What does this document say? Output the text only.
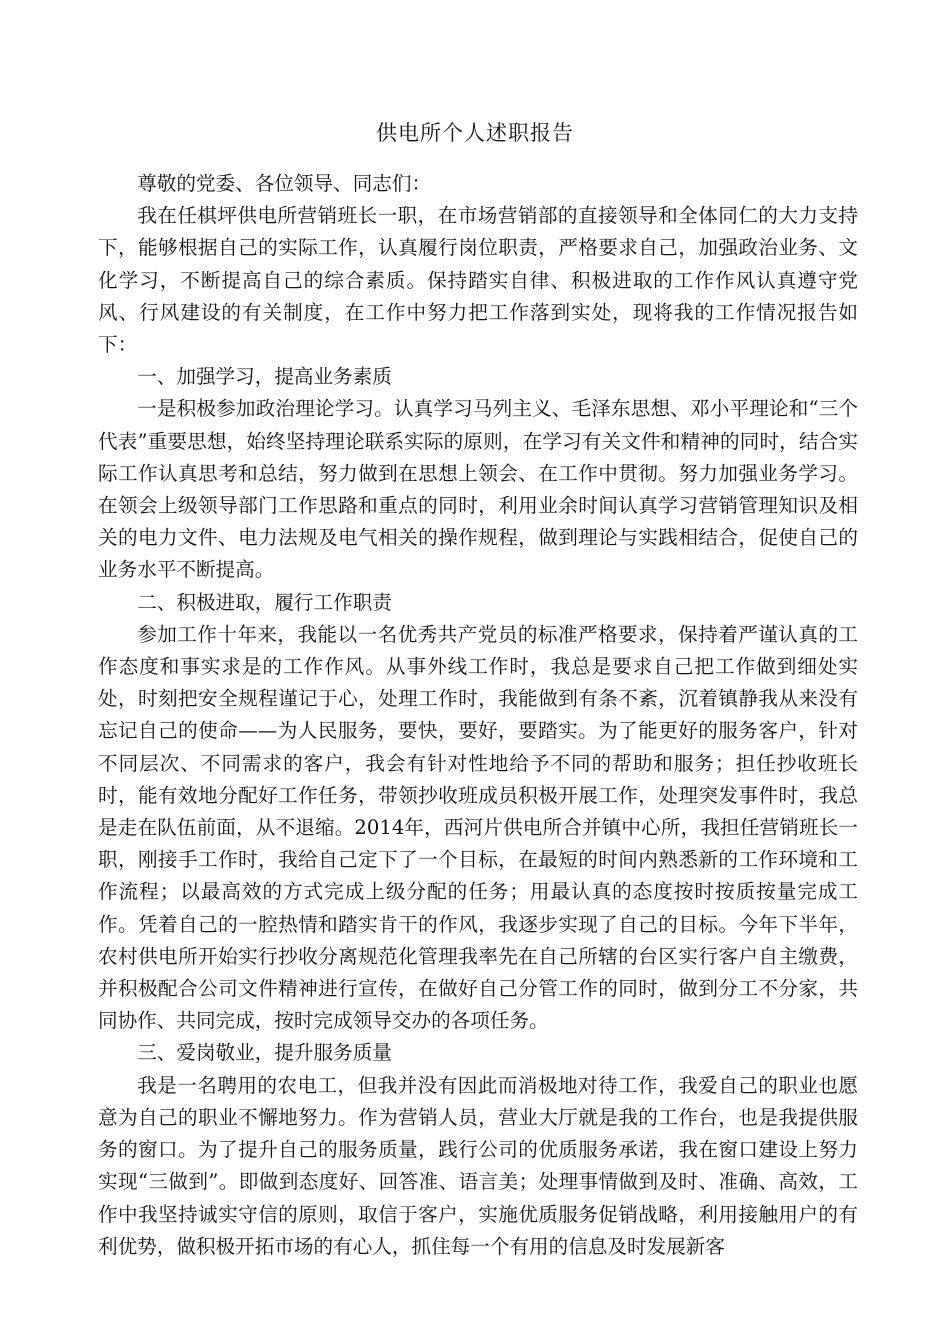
供电所个人述职报告

尊敬的党委、各位领导、同志们：

我在任棋坪供电所营销班长一职，在市场营销部的直接领导和全体同仁的大力支持下，能够根据自己的实际工作，认真履行岗位职责，严格要求自己，加强政治业务、文化学习，不断提高自己的综合素质。保持踏实自律、积极进取的工作作风认真遵守党风、行风建设的有关制度，在工作中努力把工作落到实处，现将我的工作情况报告如下：

一、加强学习，提高业务素质

一是积极参加政治理论学习。认真学习马列主义、毛泽东思想、邓小平理论和“三个代表”重要思想，始终坚持理论联系实际的原则，在学习有关文件和精神的同时，结合实际工作认真思考和总结，努力做到在思想上领会、在工作中贯彻。努力加强业务学习。在领会上级领导部门工作思路和重点的同时，利用业余时间认真学习营销管理知识及相关的电力文件、电力法规及电气相关的操作规程，做到理论与实践相结合，促使自己的业务水平不断提高。

二、积极进取，履行工作职责

参加工作十年来，我能以一名优秀共产党员的标准严格要求，保持着严谨认真的工作态度和事实求是的工作作风。从事外线工作时，我总是要求自己把工作做到细处实处，时刻把安全规程谨记于心，处理工作时，我能做到有条不紊，沉着镇静我从来没有忘记自己的使命——为人民服务，要快，要好，要踏实。为了能更好的服务客户，针对不同层次、不同需求的客户，我会有针对性地给予不同的帮助和服务；担任抄收班长时，能有效地分配好工作任务，带领抄收班成员积极开展工作，处理突发事件时，我总是走在队伍前面，从不退缩。2014年，西河片供电所合并镇中心所，我担任营销班长一职，刚接手工作时，我给自己定下了一个目标，在最短的时间内熟悉新的工作环境和工作流程；以最高效的方式完成上级分配的任务；用最认真的态度按时按质按量完成工作。凭着自己的一腔热情和踏实肯干的作风，我逐步实现了自己的目标。今年下半年，农村供电所开始实行抄收分离规范化管理我率先在自己所辖的台区实行客户自主缴费，并积极配合公司文件精神进行宣传，在做好自己分管工作的同时，做到分工不分家，共同协作、共同完成，按时完成领导交办的各项任务。

三、爱岗敬业，提升服务质量

我是一名聘用的农电工，但我并没有因此而消极地对待工作，我爱自己的职业也愿意为自己的职业不懈地努力。作为营销人员，营业大厅就是我的工作台，也是我提供服务的窗口。为了提升自己的服务质量，践行公司的优质服务承诺，我在窗口建设上努力实现“三做到”。即做到态度好、回答准、语言美；处理事情做到及时、准确、高效，工作中我坚持诚实守信的原则，取信于客户，实施优质服务促销战略，利用接触用户的有利优势，做积极开拓市场的有心人，抓住每一个有用的信息及时发展新客
